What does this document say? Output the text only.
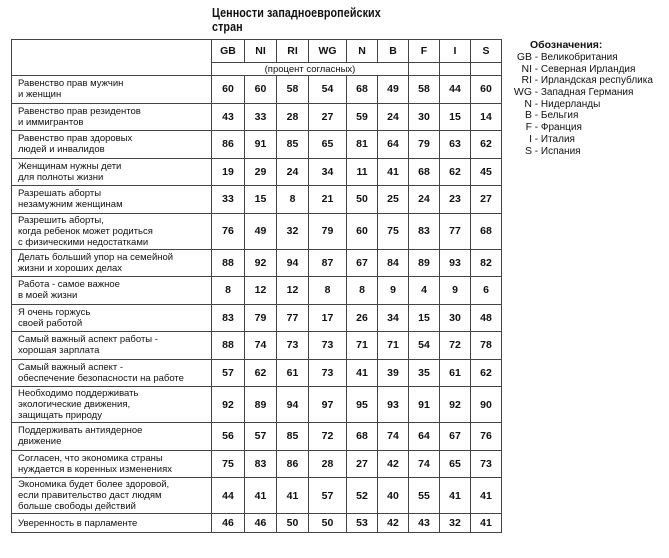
Ценности западноевропейских стран
	GB	NI	RI	WG	N	B	F	I	S
	(процент согласных)								

Равенство прав мужчин
и женщин	60	60	58	54	68	49	58	44	60

Равенство прав резидентов
и иммигрантов	43	33	28	27	59	24	30	15	14

Равенство прав здоровых
людей и инвалидов	86	91	85	65	81	64	79	63	62

Женщинам нужны дети
для полноты жизни	19	29	24	34	11	41	68	62	45

Разрешать аборты
незамужним женщинам	33	15	8	21	50	25	24	23	27

Разрешить аборты,
когда ребенок может родиться
с физическими недостатками	76	49	32	79	60	75	83	77	68

Делать больший упор на семейной
жизни и хороших делах	88	92	94	87	67	84	89	93	82

Работа - самое важное
в моей жизни	8	12	12	8	8	9	4	9	6

Я очень горжусь
своей работой	83	79	77	17	26	34	15	30	48

Самый важный аспект работы -
хорошая зарплата	88	74	73	73	71	71	54	72	78

Самый важный аспект -
обеспечение безопасности на работе	57	62	61	73	41	39	35	61	62

Необходимо поддерживать
экологические движения,
защищать природу	92	89	94	97	95	93	91	92	90

Поддерживать антиядерное
движение	56	57	85	72	68	74	64	67	76

Согласен, что экономика страны
нуждается в коренных изменениях	75	83	86	28	27	42	74	65	73

Экономика будет более здоровой,
если правительство даст людям
больше свободы действий	44	41	41	57	52	40	55	41	41

Уверенность в парламенте	46	46	50	50	53	42	43	32	41
Обозначения:
GB - Великобритания
NI - Северная Ирландия
RI - Ирландская республика
WG - Западная Германия
N - Нидерланды
B - Бельгия
F - Франция
I - Италия
S - Испания
